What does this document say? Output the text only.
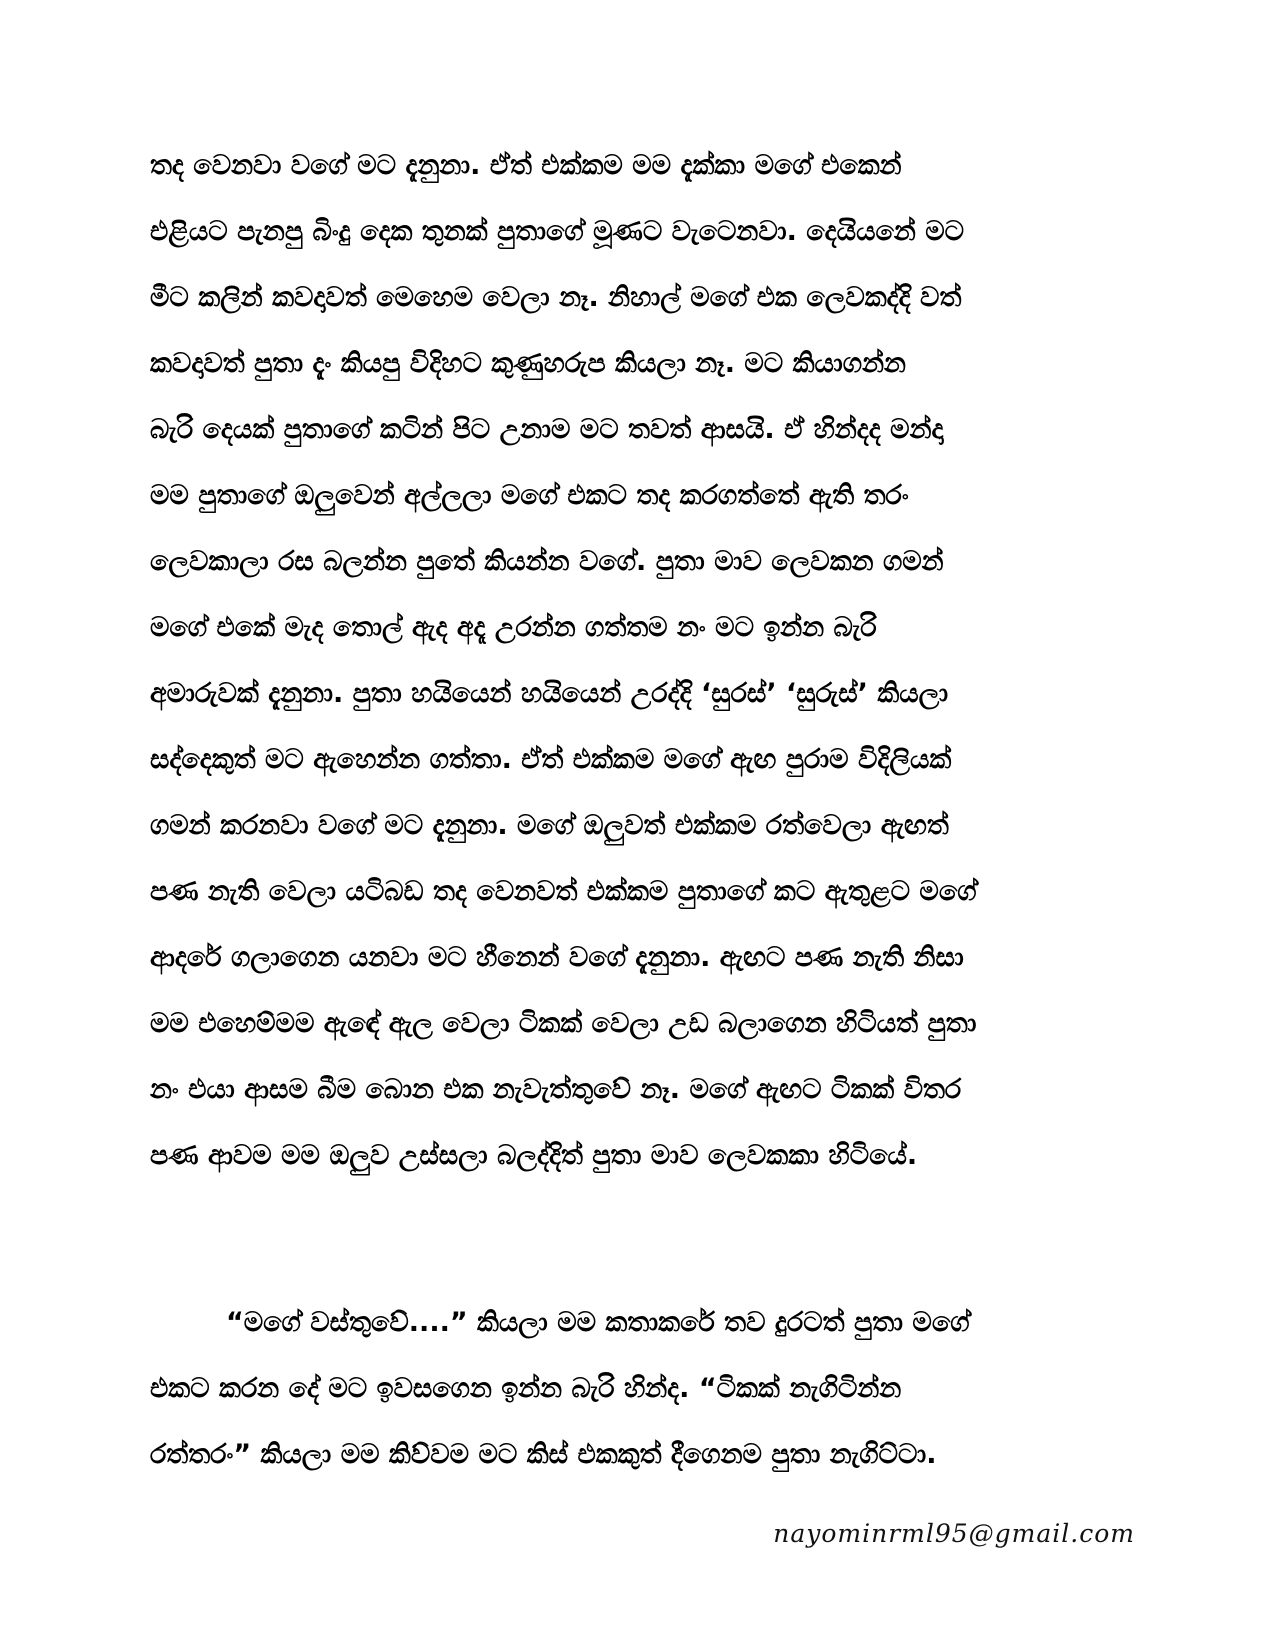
තද වෙනවා වගේ මට දැනුනා. ඒත් එක්කම මම දැක්කා මගේ එකෙන්
එළියට පැනපු බිංදු දෙක තුනක් පුතාගේ මූණට වැටෙනවා. දෙයියනේ මට
මීට කලින් කවදාවත් මෙහෙම වෙලා නෑ. නිහාල් මගේ එක ලෙවකද්දි වත්
කවදාවත් පුතා දැං කියපු විදිහට කුණුහරුප කියලා නෑ. මට කියාගන්න
බැරි දෙයක් පුතාගේ කටින් පිට උනාම මට තවත් ආසයි. ඒ හින්දද මන්දා
මම පුතාගේ ඔලුවෙන් අල්ලලා මගේ එකට තද කරගත්තේ ඇති තරං
ලෙවකාලා රස බලන්න පුතේ කියන්න වගේ. පුතා මාව ලෙවකන ගමන්
මගේ එකේ මැද තොල් ඇද අදෑ උරන්න ගත්තම නං මට ඉන්න බැරි
අමාරුවක් දැනුනා. පුතා හයියෙන් හයියෙන් උරද්දි ‘සුරස්’ ‘සුරුස්’ කියලා
සද්දෙකුත් මට ඇහෙන්න ගත්තා. ඒත් එක්කම මගේ ඇඟ පුරාම විදිලියක්
ගමන් කරනවා වගේ මට දැනුනා. මගේ ඔලුවත් එක්කම රත්වෙලා ඇඟත්
පණ නැති වෙලා යටිබඩ තද වෙනවත් එක්කම පුතාගේ කට ඇතුළට මගේ
ආදරේ ගලාගෙන යනවා මට හීනෙන් වගේ දැනුනා. ඇඟට පණ නැති නිසා
මම එහෙම්මම ඇඳේ ඇල වෙලා ටිකක් වෙලා උඩ බලාගෙන හිටියත් පුතා
නං එයා ආසම බීම බොන එක නැවැත්තුවේ නෑ. මගේ ඇඟට ටිකක් විතර
පණ ආවම මම ඔලුව උස්සලා බලද්දිත් පුතා මාව ලෙවකකා හිටියේ.
“මගේ වස්තුවේ....” කියලා මම කතාකරේ තව දුරටත් පුතා මගේ
එකට කරන දේ මට ඉවසගෙන ඉන්න බැරි හින්ද. “ටිකක් නැගිටින්න
රත්තරං” කියලා මම කිව්වම මට කිස් එකකුත් දීගෙනම පුතා නැගිට්ටා.
nayominrml95@gmail.com
